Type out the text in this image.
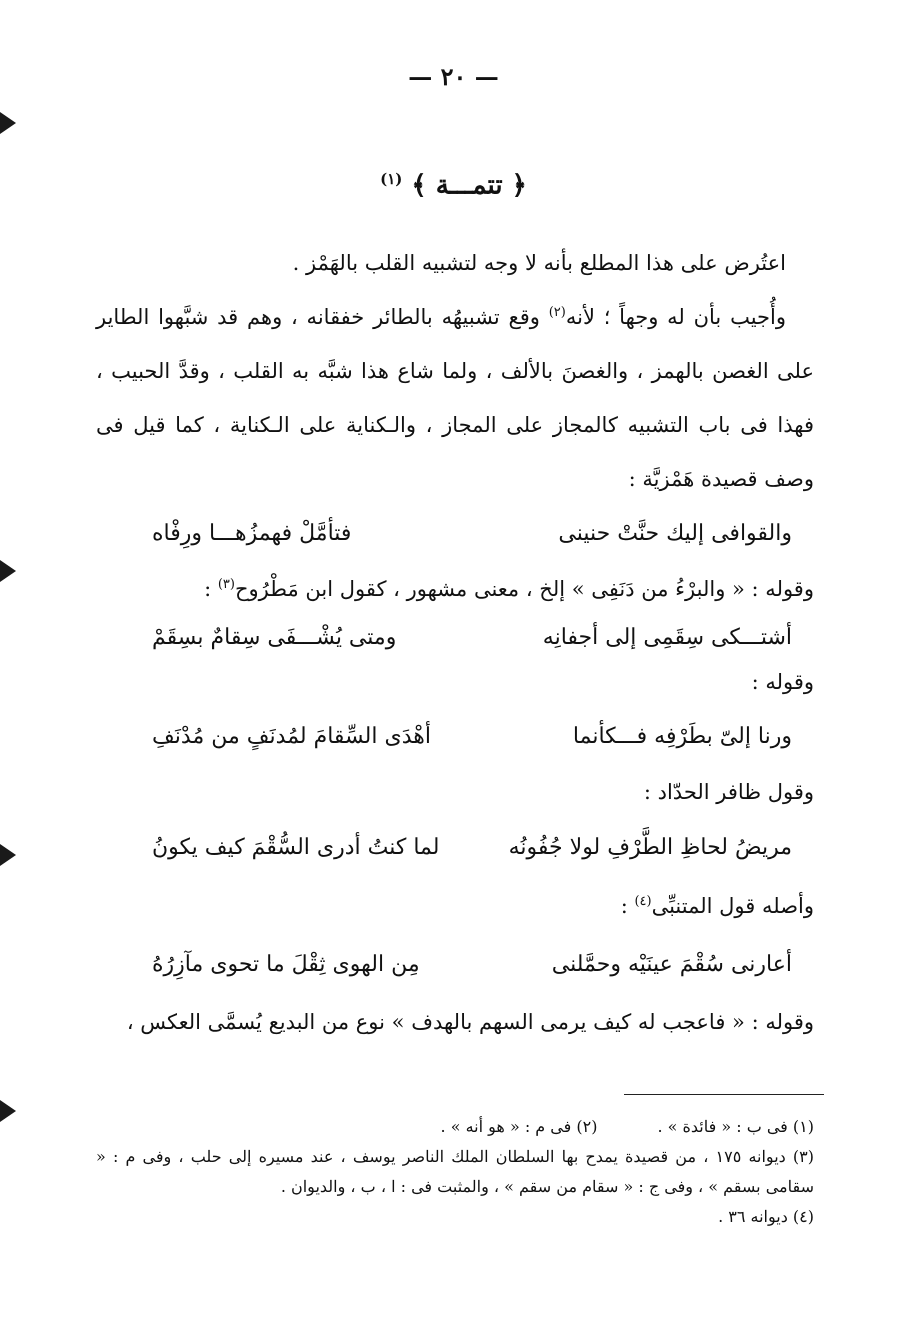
— ٢٠ —
﴿ تتمـــة ﴾ $^{(١)}$

اعتُرض على هذا المطلع بأنه لا وجه لتشبيه القلب بالهَمْز .

وأُجيب بأن له وجهاً ؛ لأنه$^{(٢)}$ وقع تشبيهُه بالطائر خفقانه ، وهم قد شبَّهوا الطاير على الغصن بالهمز ، والغصنَ بالألف ، ولما شاع هذا شبَّه به القلب ، وقدَّ الحبيب ، فهذا فى باب التشبيه كالمجاز على المجاز ، والـكناية على الـكناية ، كما قيل فى وصف قصيدة هَمْزيَّة :

والقوافى إليك حنَّتْ حنينى
فتأمَّلْ فهمزُهـــا ورِفْاه

وقوله : « والبرْءُ من دَنَفِى » إلخ ، معنى مشهور ، كقول ابن مَطْرُوح$^{(٣)}$ :

أشتـــكى سِقَمِى إلى أجفانِه
ومتى يُشْـــفَى سِقامٌ بسِقَمْ

وقوله :

ورنا إلىّ بطَرْفِه فـــكأنما
أهْدَى السِّقامَ لمُدنَفٍ من مُدْنَفِ

وقول ظافر الحدّاد :

مريضُ لحاظِ الطَّرْفِ لولا جُفُونُه
لما كنتُ أدرى السُّقْمَ كيف يكونُ

وأصله قول المتنبِّى$^{(٤)}$ :

أعارنى سُقْمَ عينَيْه وحمَّلنى
مِن الهوى ثِقْلَ ما تحوى مآزِرُهُ

وقوله : « فاعجب له كيف يرمى السهم بالهدف » نوع من البديع يُسمَّى العكس ،

(١) فى ب : « فائدة » .
(٢) فى م : « هو أنه » .

(٣) ديوانه ١٧٥ ، من قصيدة يمدح بها السلطان الملك الناصر يوسف ، عند مسيره إلى حلب ، وفى م : « سقامى بسقم » ، وفى ج : « سقام من سقم » ، والمثبت فى : ا ، ب ، والديوان .

(٤) ديوانه ٣٦ .
